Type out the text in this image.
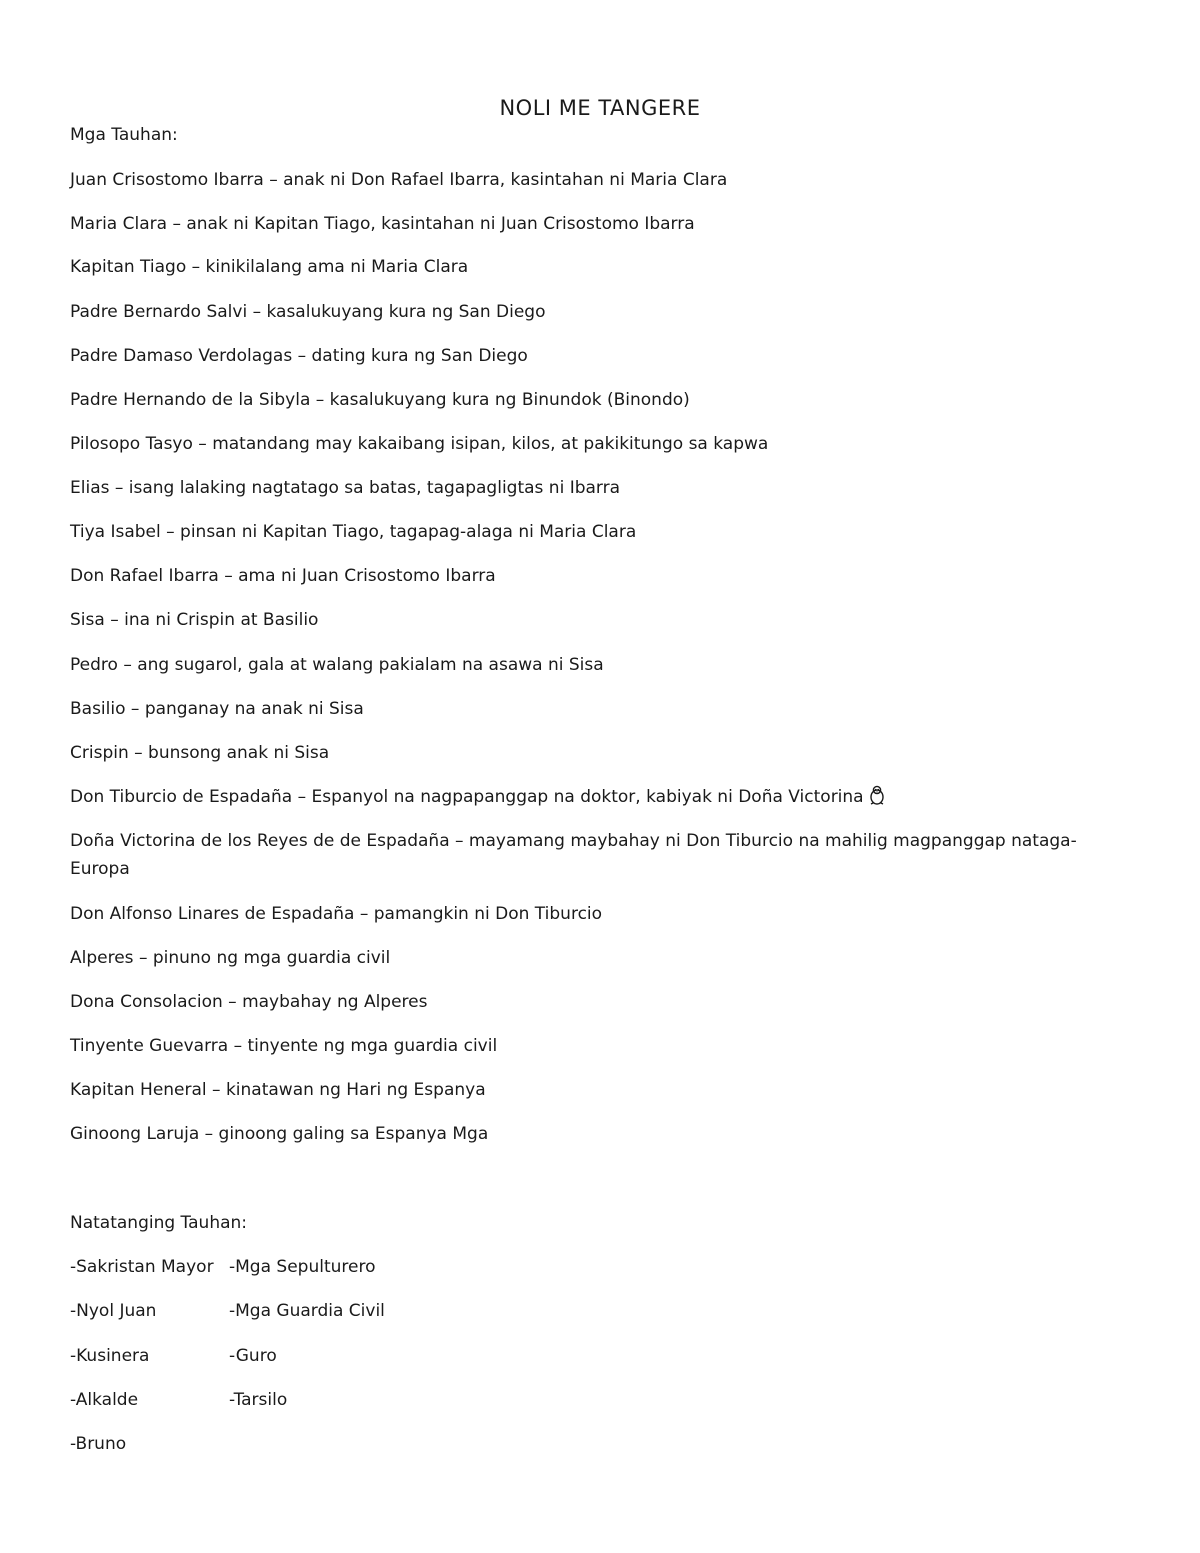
NOLI ME TANGERE
Mga Tauhan:
Juan Crisostomo Ibarra – anak ni Don Rafael Ibarra, kasintahan ni Maria Clara
Maria Clara – anak ni Kapitan Tiago, kasintahan ni Juan Crisostomo Ibarra
Kapitan Tiago – kinikilalang ama ni Maria Clara
Padre Bernardo Salvi – kasalukuyang kura ng San Diego
Padre Damaso Verdolagas – dating kura ng San Diego
Padre Hernando de la Sibyla – kasalukuyang kura ng Binundok (Binondo)
Pilosopo Tasyo – matandang may kakaibang isipan, kilos, at pakikitungo sa kapwa
Elias – isang lalaking nagtatago sa batas, tagapagligtas ni Ibarra
Tiya Isabel – pinsan ni Kapitan Tiago, tagapag-alaga ni Maria Clara
Don Rafael Ibarra – ama ni Juan Crisostomo Ibarra
Sisa – ina ni Crispin at Basilio
Pedro – ang sugarol, gala at walang pakialam na asawa ni Sisa
Basilio – panganay na anak ni Sisa
Crispin – bunsong anak ni Sisa
Don Tiburcio de Espadaña – Espanyol na nagpapanggap na doktor, kabiyak ni Doña Victorina
Doña Victorina de los Reyes de de Espadaña – mayamang maybahay ni Don Tiburcio na mahilig magpanggap nataga-Europa
Don Alfonso Linares de Espadaña – pamangkin ni Don Tiburcio
Alperes – pinuno ng mga guardia civil
Dona Consolacion – maybahay ng Alperes
Tinyente Guevarra – tinyente ng mga guardia civil
Kapitan Heneral – kinatawan ng Hari ng Espanya
Ginoong Laruja – ginoong galing sa Espanya Mga
Natatanging Tauhan:
-Sakristan Mayor -Mga Sepulturero
-Nyol Juan	-Mga Guardia Civil
-Kusinera	-Guro
-Alkalde	-Tarsilo
-Bruno
